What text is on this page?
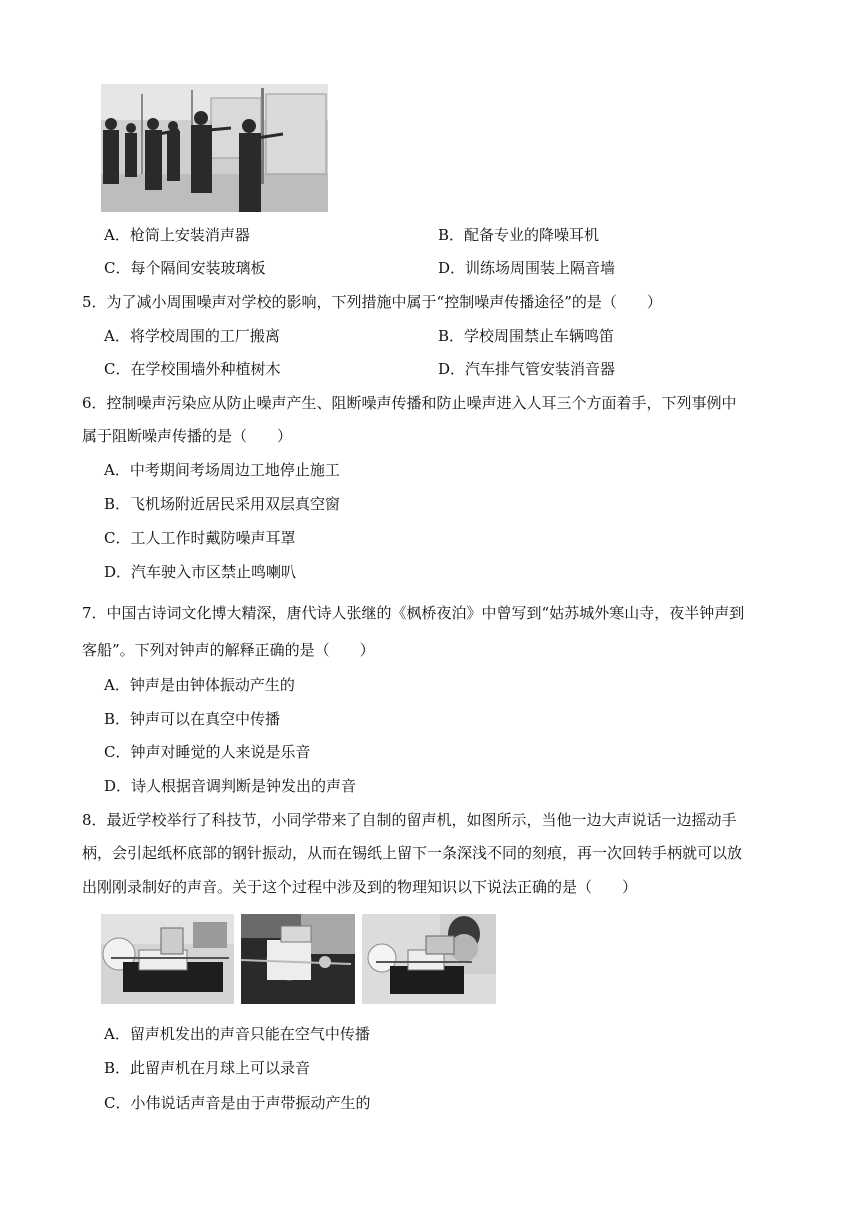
A．枪筒上安装消声器	B．配备专业的降噪耳机
C．每个隔间安装玻璃板	D．训练场周围装上隔音墙
5．为了减小周围噪声对学校的影响，下列措施中属于“控制噪声传播途径”的是（　　）
A．将学校周围的工厂搬离	B．学校周围禁止车辆鸣笛
C．在学校围墙外种植树木	D．汽车排气管安装消音器
6．控制噪声污染应从防止噪声产生、阻断噪声传播和防止噪声进入人耳三个方面着手，下列事例中
属于阻断噪声传播的是（　　）
A．中考期间考场周边工地停止施工
B．飞机场附近居民采用双层真空窗
C．工人工作时戴防噪声耳罩
D．汽车驶入市区禁止鸣喇叭
7．中国古诗词文化博大精深，唐代诗人张继的《枫桥夜泊》中曾写到“姑苏城外寒山寺，夜半钟声到
客船”。下列对钟声的解释正确的是（　　）
A．钟声是由钟体振动产生的
B．钟声可以在真空中传播
C．钟声对睡觉的人来说是乐音
D．诗人根据音调判断是钟发出的声音
8．最近学校举行了科技节，小同学带来了自制的留声机，如图所示，当他一边大声说话一边摇动手
柄，会引起纸杯底部的钢针振动，从而在锡纸上留下一条深浅不同的刻痕，再一次回转手柄就可以放
出刚刚录制好的声音。关于这个过程中涉及到的物理知识以下说法正确的是（　　）
A．留声机发出的声音只能在空气中传播
B．此留声机在月球上可以录音
C．小伟说话声音是由于声带振动产生的
